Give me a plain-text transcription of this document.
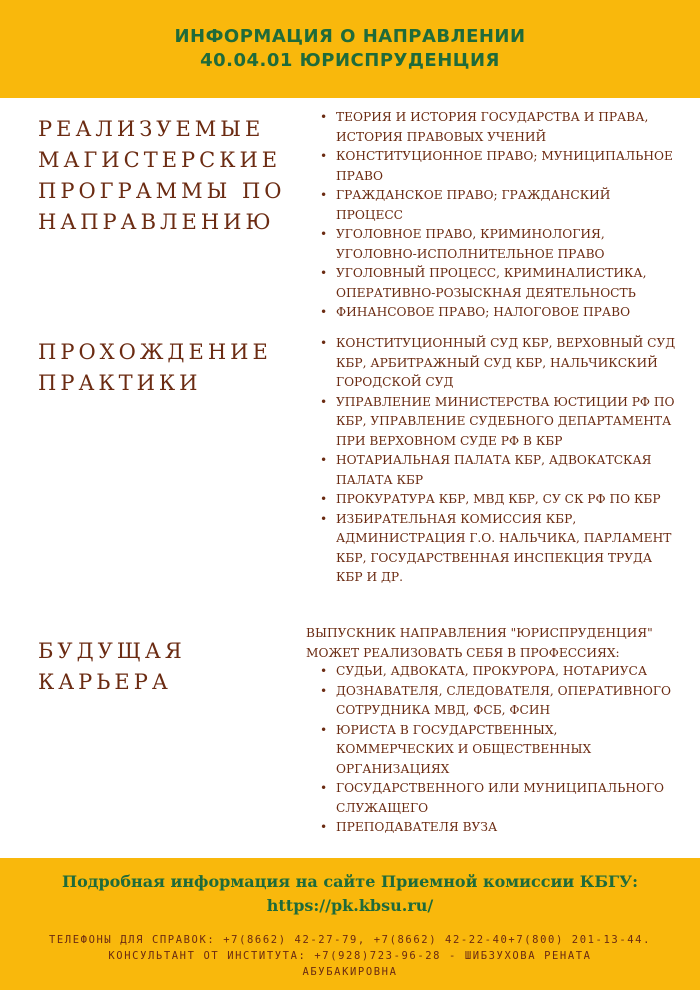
ИНФОРМАЦИЯ О НАПРАВЛЕНИИ
40.04.01 ЮРИСПРУДЕНЦИЯ
РЕАЛИЗУЕМЫЕ
МАГИСТЕРСКИЕ
ПРОГРАММЫ ПО
НАПРАВЛЕНИЮ
• ТЕОРИЯ И ИСТОРИЯ ГОСУДАРСТВА И ПРАВА, ИСТОРИЯ ПРАВОВЫХ УЧЕНИЙ
• КОНСТИТУЦИОННОЕ ПРАВО; МУНИЦИПАЛЬНОЕ ПРАВО
• ГРАЖДАНСКОЕ ПРАВО; ГРАЖДАНСКИЙ ПРОЦЕСС
• УГОЛОВНОЕ ПРАВО, КРИМИНОЛОГИЯ, УГОЛОВНО-ИСПОЛНИТЕЛЬНОЕ ПРАВО
• УГОЛОВНЫЙ ПРОЦЕСС, КРИМИНАЛИСТИКА, ОПЕРАТИВНО-РОЗЫСКНАЯ ДЕЯТЕЛЬНОСТЬ
• ФИНАНСОВОЕ ПРАВО; НАЛОГОВОЕ ПРАВО
ПРОХОЖДЕНИЕ
ПРАКТИКИ
• КОНСТИТУЦИОННЫЙ СУД КБР, ВЕРХОВНЫЙ СУД КБР, АРБИТРАЖНЫЙ СУД КБР, НАЛЬЧИКСКИЙ ГОРОДСКОЙ СУД
• УПРАВЛЕНИЕ МИНИСТЕРСТВА ЮСТИЦИИ РФ ПО КБР, УПРАВЛЕНИЕ СУДЕБНОГО ДЕПАРТАМЕНТА ПРИ ВЕРХОВНОМ СУДЕ РФ В КБР
• НОТАРИАЛЬНАЯ ПАЛАТА КБР, АДВОКАТСКАЯ ПАЛАТА КБР
• ПРОКУРАТУРА КБР, МВД КБР, СУ СК РФ ПО КБР
• ИЗБИРАТЕЛЬНАЯ КОМИССИЯ КБР, АДМИНИСТРАЦИЯ Г.О. НАЛЬЧИКА, ПАРЛАМЕНТ КБР, ГОСУДАРСТВЕННАЯ ИНСПЕКЦИЯ ТРУДА КБР И ДР.
БУДУЩАЯ
КАРЬЕРА
ВЫПУСКНИК НАПРАВЛЕНИЯ "ЮРИСПРУДЕНЦИЯ" МОЖЕТ РЕАЛИЗОВАТЬ СЕБЯ В ПРОФЕССИЯХ:
• СУДЬИ, АДВОКАТА, ПРОКУРОРА, НОТАРИУСА
• ДОЗНАВАТЕЛЯ, СЛЕДОВАТЕЛЯ, ОПЕРАТИВНОГО СОТРУДНИКА МВД, ФСБ, ФСИН
• ЮРИСТА В ГОСУДАРСТВЕННЫХ, КОММЕРЧЕСКИХ И ОБЩЕСТВЕННЫХ ОРГАНИЗАЦИЯХ
• ГОСУДАРСТВЕННОГО ИЛИ МУНИЦИПАЛЬНОГО СЛУЖАЩЕГО
• ПРЕПОДАВАТЕЛЯ ВУЗА
Подробная информация на сайте Приемной комиссии КБГУ:
https://pk.kbsu.ru/
ТЕЛЕФОНЫ ДЛЯ СПРАВОК: +7(8662) 42-27-79, +7(8662) 42-22-40+7(800) 201-13-44.
КОНСУЛЬТАНТ ОТ ИНСТИТУТА: +7(928)723-96-28 - ШИБЗУХОВА РЕНАТА
АБУБАКИРОВНА
